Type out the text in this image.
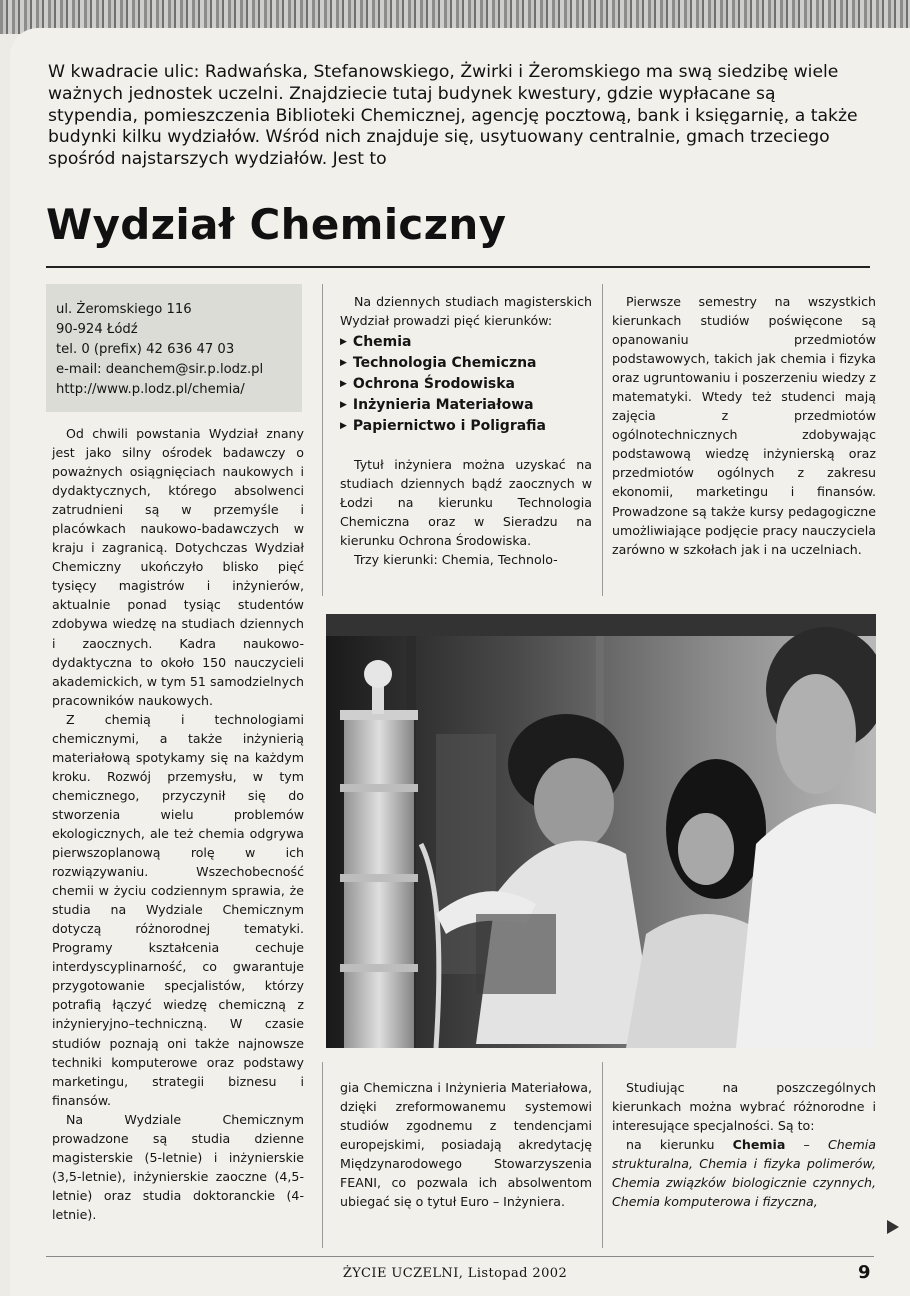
W kwadracie ulic: Radwańska, Stefanowskiego, Żwirki i Żeromskiego ma swą siedzibę wiele ważnych jednostek uczelni. Znajdziecie tutaj budynek kwestury, gdzie wypłacane są stypendia, pomieszczenia Biblioteki Chemicznej, agencję pocztową, bank i księgarnię, a także budynki kilku wydziałów. Wśród nich znajduje się, usytuowany centralnie, gmach trzeciego spośród najstarszych wydziałów. Jest to

Wydział Chemiczny
ul. Żeromskiego 116
90-924 Łódź
tel. 0 (prefix) 42 636 47 03
e-mail: deanchem@sir.p.lodz.pl
http://www.p.lodz.pl/chemia/

Od chwili powstania Wydział znany jest jako silny ośrodek badawczy o poważnych osiągnięciach naukowych i dydaktycznych, którego absolwenci zatrudnieni są w przemyśle i placówkach naukowo-badawczych w kraju i zagranicą. Dotychczas Wydział Chemiczny ukończyło blisko pięć tysięcy magistrów i inżynierów, aktualnie ponad tysiąc studentów zdobywa wiedzę na studiach dziennych i zaocznych. Kadra naukowo-dydaktyczna to około 150 nauczycieli akademickich, w tym 51 samodzielnych pracowników naukowych.

Z chemią i technologiami chemicznymi, a także inżynierią materiałową spotykamy się na każdym kroku. Rozwój przemysłu, w tym chemicznego, przyczynił się do stworzenia wielu problemów ekologicznych, ale też chemia odgrywa pierwszoplanową rolę w ich rozwiązywaniu. Wszechobecność chemii w życiu codziennym sprawia, że studia na Wydziale Chemicznym dotyczą różnorodnej tematyki. Programy kształcenia cechuje interdyscyplinarność, co gwarantuje przygotowanie specjalistów, którzy potrafią łączyć wiedzę chemiczną z inżynieryjno–techniczną. W czasie studiów poznają oni także najnowsze techniki komputerowe oraz podstawy marketingu, strategii biznesu i finansów.

Na Wydziale Chemicznym prowadzone są studia dzienne magisterskie (5-letnie) i inżynierskie (3,5-letnie), inżynierskie zaoczne (4,5-letnie) oraz studia doktoranckie (4-letnie).

Na dziennych studiach magisterskich Wydział prowadzi pięć kierunków:

▶ Chemia
▶ Technologia Chemiczna
▶ Ochrona Środowiska
▶ Inżynieria Materiałowa
▶ Papiernictwo i Poligrafia

Tytuł inżyniera można uzyskać na studiach dziennych bądź zaocznych w Łodzi na kierunku Technologia Chemiczna oraz w Sieradzu na kierunku Ochrona Środowiska.

Trzy kierunki: Chemia, Technolo-

Pierwsze semestry na wszystkich kierunkach studiów poświęcone są opanowaniu przedmiotów podstawowych, takich jak chemia i fizyka oraz ugruntowaniu i poszerzeniu wiedzy z matematyki. Wtedy też studenci mają zajęcia z przedmiotów ogólnotechnicznych zdobywając podstawową wiedzę inżynierską oraz przedmiotów ogólnych z zakresu ekonomii, marketingu i finansów. Prowadzone są także kursy pedagogiczne umożliwiające podjęcie pracy nauczyciela zarówno w szkołach jak i na uczelniach.

gia Chemiczna i Inżynieria Materiałowa, dzięki zreformowanemu systemowi studiów zgodnemu z tendencjami europejskimi, posiadają akredytację Międzynarodowego Stowarzyszenia FEANI, co pozwala ich absolwentom ubiegać się o tytuł Euro – Inżyniera.

Studiując na poszczególnych kierunkach można wybrać różnorodne i interesujące specjalności. Są to:

na kierunku Chemia – Chemia strukturalna, Chemia i fizyka polimerów, Chemia związków biologicznie czynnych, Chemia komputerowa i fizyczna,

ŻYCIE UCZELNI, Listopad 2002	9
